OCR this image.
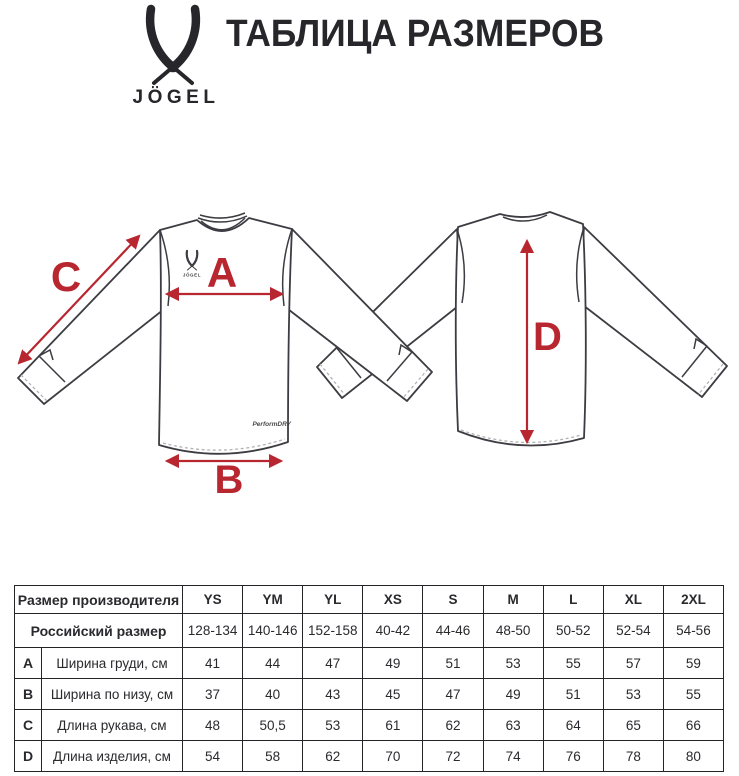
JÖGEL
ТАБЛИЦА РАЗМЕРОВ
JÖGEL
PerformDRY
A
B
C
D
Размер производителя		YS	YM	YL	XS	S	M	L	XL	2XL
Российский размер		128-134	140-146	152-158	40-42	44-46	48-50	50-52	52-54	54-56
A	Ширина груди, см	41	44	47	49	51	53	55	57	59
B	Ширина по низу, см	37	40	43	45	47	49	51	53	55
C	Длина рукава, см	48	50,5	53	61	62	63	64	65	66
D	Длина изделия, см	54	58	62	70	72	74	76	78	80
